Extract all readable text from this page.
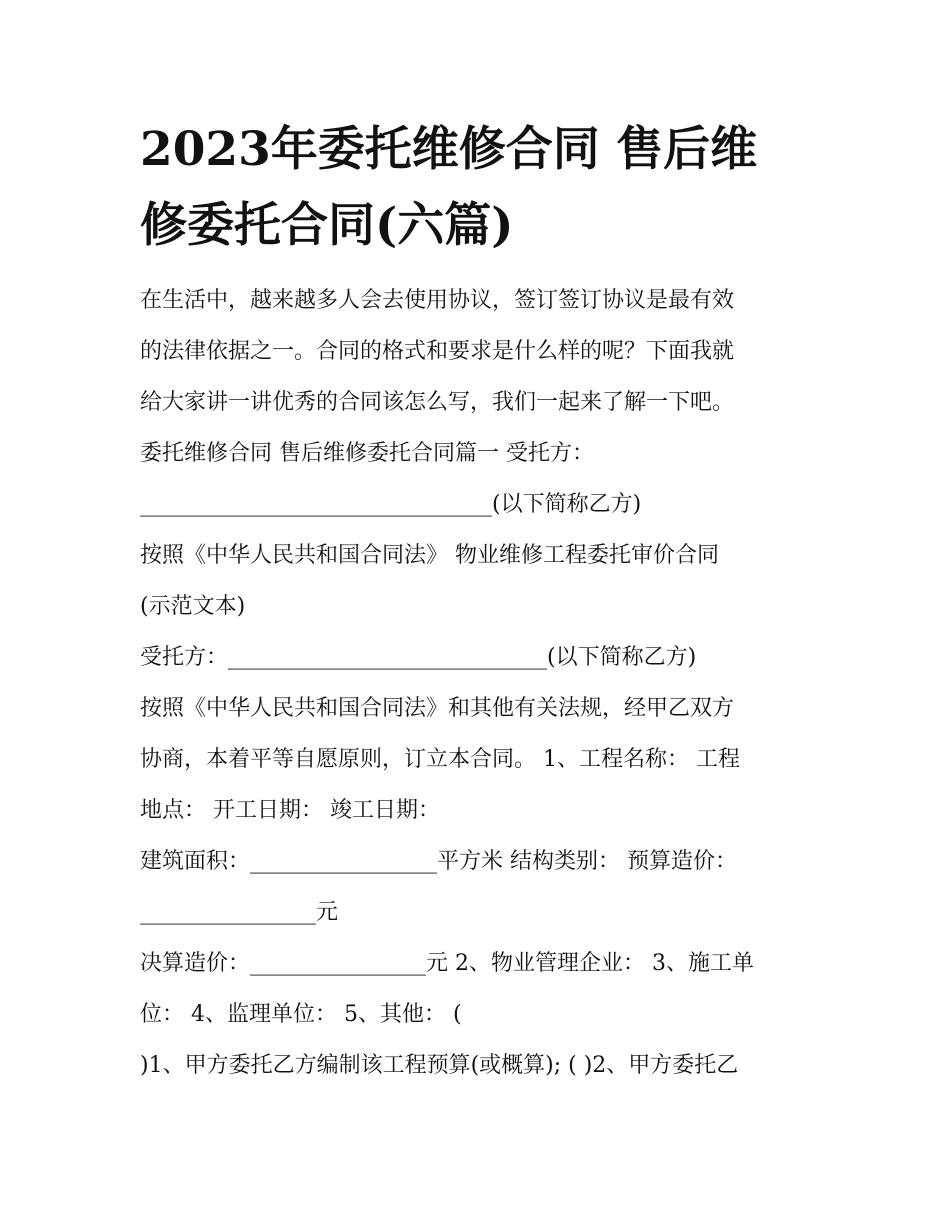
2023年委托维修合同 售后维
修委托合同(六篇)
在生活中，越来越多人会去使用协议，签订签订协议是最有效
的法律依据之一。合同的格式和要求是什么样的呢？下面我就
给大家讲一讲优秀的合同该怎么写，我们一起来了解一下吧。
委托维修合同 售后维修委托合同篇一 受托方：
________________________________(以下简称乙方)
按照《中华人民共和国合同法》 物业维修工程委托审价合同
(示范文本)
受托方：_____________________________(以下简称乙方)
按照《中华人民共和国合同法》和其他有关法规，经甲乙双方
协商，本着平等自愿原则，订立本合同。 1、工程名称： 工程
地点： 开工日期： 竣工日期：
建筑面积：_________________平方米 结构类别： 预算造价：
________________元
决算造价：________________元 2、物业管理企业： 3、施工单
位： 4、监理单位： 5、其他： (
)1、甲方委托乙方编制该工程预算(或概算); ( )2、甲方委托乙
